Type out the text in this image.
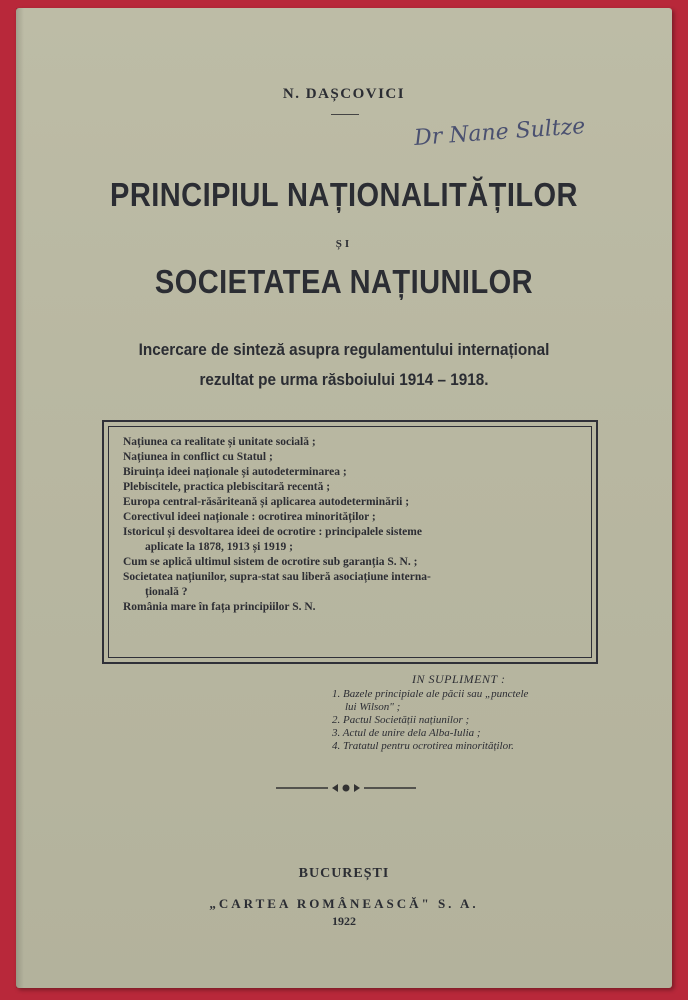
N. DAȘCOVICI
Dr Nane Sultze
PRINCIPIUL NAȚIONALITĂȚILOR
ȘI
SOCIETATEA NAȚIUNILOR
Incercare de sinteză asupra regulamentului internațional
rezultat pe urma răsboiului 1914 – 1918.
Națiunea ca realitate și unitate socială ;
Națiunea in conflict cu Statul ;
Biruința ideei naționale și autodeterminarea ;
Plebiscitele, practica plebiscitară recentă ;
Europa central-răsăriteană și aplicarea autodeterminării ;
Corectivul ideei naționale : ocrotirea minorităților ;
Istoricul și desvoltarea ideei de ocrotire : principalele sisteme
aplicate la 1878, 1913 și 1919 ;
Cum se aplică ultimul sistem de ocrotire sub garanția S. N. ;
Societatea națiunilor, supra-stat sau liberă asociațiune interna-
țională ?
România mare în fața principiilor S. N.
IN SUPLIMENT :
1. Bazele principiale ale păcii sau „punctele
lui Wilson" ;
2. Pactul Societății națiunilor ;
3. Actul de unire dela Alba-Iulia ;
4. Tratatul pentru ocrotirea minorităților.
BUCUREȘTI
„CARTEA ROMÂNEASCĂ" S. A.
1922
